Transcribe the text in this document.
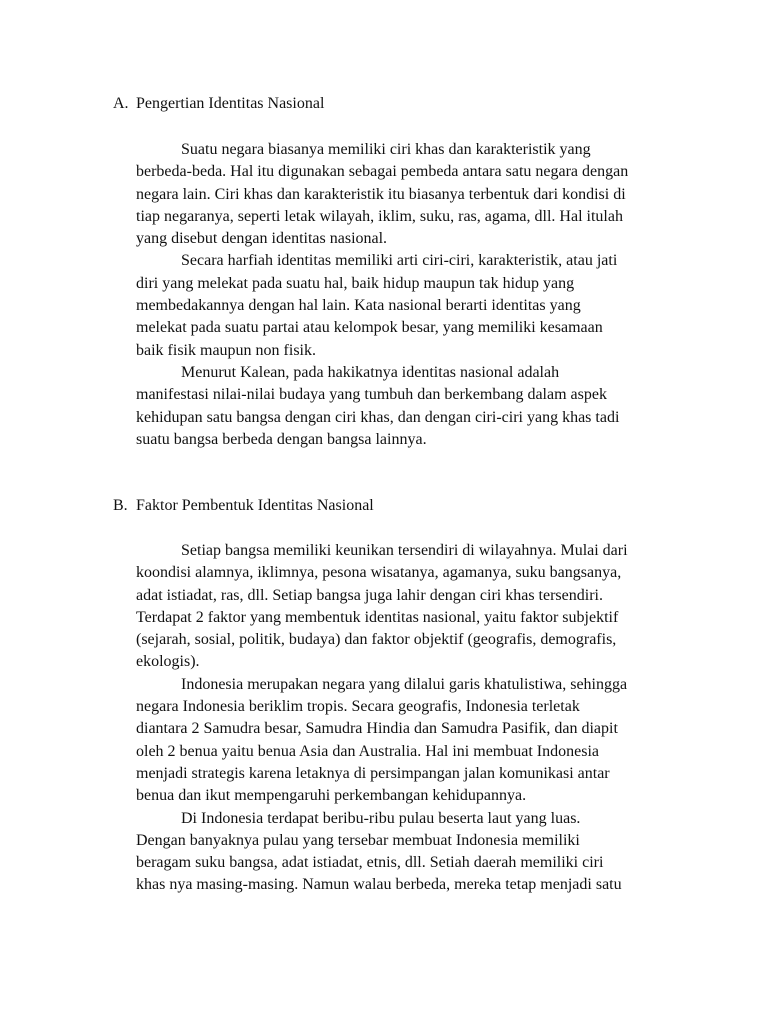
A. Pengertian Identitas Nasional
Suatu negara biasanya memiliki ciri khas dan karakteristik yang
berbeda-beda. Hal itu digunakan sebagai pembeda antara satu negara dengan
negara lain. Ciri khas dan karakteristik itu biasanya terbentuk dari kondisi di
tiap negaranya, seperti letak wilayah, iklim, suku, ras, agama, dll. Hal itulah
yang disebut dengan identitas nasional.
Secara harfiah identitas memiliki arti ciri-ciri, karakteristik, atau jati
diri yang melekat pada suatu hal, baik hidup maupun tak hidup yang
membedakannya dengan hal lain. Kata nasional berarti identitas yang
melekat pada suatu partai atau kelompok besar, yang memiliki kesamaan
baik fisik maupun non fisik.
Menurut Kalean, pada hakikatnya identitas nasional adalah
manifestasi nilai-nilai budaya yang tumbuh dan berkembang dalam aspek
kehidupan satu bangsa dengan ciri khas, dan dengan ciri-ciri yang khas tadi
suatu bangsa berbeda dengan bangsa lainnya.
B. Faktor Pembentuk Identitas Nasional
Setiap bangsa memiliki keunikan tersendiri di wilayahnya. Mulai dari
koondisi alamnya, iklimnya, pesona wisatanya, agamanya, suku bangsanya,
adat istiadat, ras, dll. Setiap bangsa juga lahir dengan ciri khas tersendiri.
Terdapat 2 faktor yang membentuk identitas nasional, yaitu faktor subjektif
(sejarah, sosial, politik, budaya) dan faktor objektif (geografis, demografis,
ekologis).
Indonesia merupakan negara yang dilalui garis khatulistiwa, sehingga
negara Indonesia beriklim tropis. Secara geografis, Indonesia terletak
diantara 2 Samudra besar, Samudra Hindia dan Samudra Pasifik, dan diapit
oleh 2 benua yaitu benua Asia dan Australia. Hal ini membuat Indonesia
menjadi strategis karena letaknya di persimpangan jalan komunikasi antar
benua dan ikut mempengaruhi perkembangan kehidupannya.
Di Indonesia terdapat beribu-ribu pulau beserta laut yang luas.
Dengan banyaknya pulau yang tersebar membuat Indonesia memiliki
beragam suku bangsa, adat istiadat, etnis, dll. Setiah daerah memiliki ciri
khas nya masing-masing. Namun walau berbeda, mereka tetap menjadi satu
